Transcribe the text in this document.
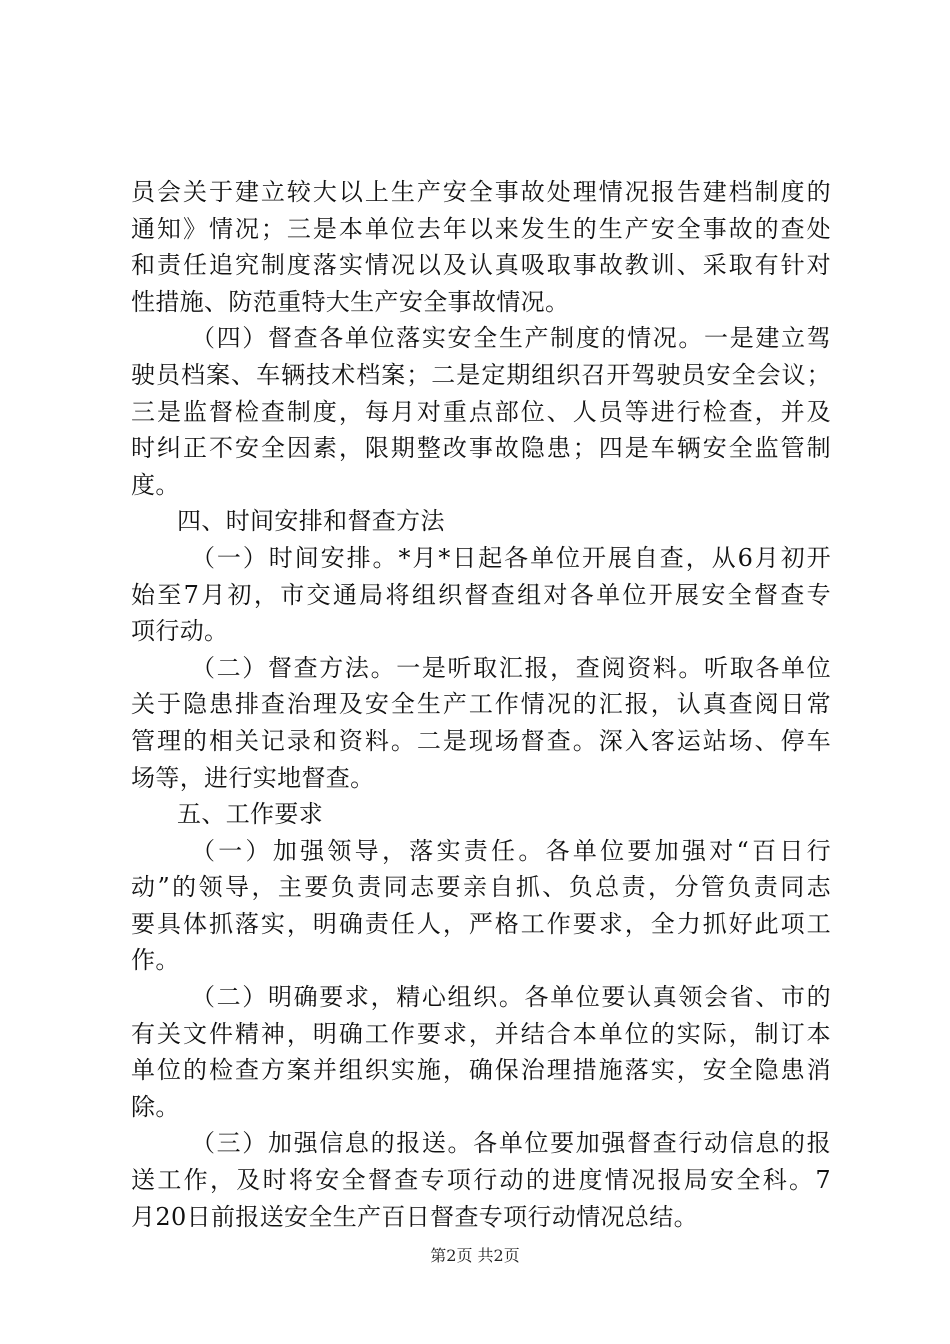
员会关于建立较大以上生产安全事故处理情况报告建档制度的
通知》情况；三是本单位去年以来发生的生产安全事故的查处
和责任追究制度落实情况以及认真吸取事故教训、采取有针对
性措施、防范重特大生产安全事故情况。
（四）督查各单位落实安全生产制度的情况。一是建立驾
驶员档案、车辆技术档案；二是定期组织召开驾驶员安全会议；
三是监督检查制度，每月对重点部位、人员等进行检查，并及
时纠正不安全因素，限期整改事故隐患；四是车辆安全监管制
度。
四、时间安排和督查方法
（一）时间安排。*月*日起各单位开展自查，从6月初开
始至7月初，市交通局将组织督查组对各单位开展安全督查专
项行动。
（二）督查方法。一是听取汇报，查阅资料。听取各单位
关于隐患排查治理及安全生产工作情况的汇报，认真查阅日常
管理的相关记录和资料。二是现场督查。深入客运站场、停车
场等，进行实地督查。
五、工作要求
（一）加强领导，落实责任。各单位要加强对“百日行
动”的领导，主要负责同志要亲自抓、负总责，分管负责同志
要具体抓落实，明确责任人，严格工作要求，全力抓好此项工
作。
（二）明确要求，精心组织。各单位要认真领会省、市的
有关文件精神，明确工作要求，并结合本单位的实际，制订本
单位的检查方案并组织实施，确保治理措施落实，安全隐患消
除。
（三）加强信息的报送。各单位要加强督查行动信息的报
送工作，及时将安全督查专项行动的进度情况报局安全科。7
月20日前报送安全生产百日督查专项行动情况总结。
第2页 共2页
